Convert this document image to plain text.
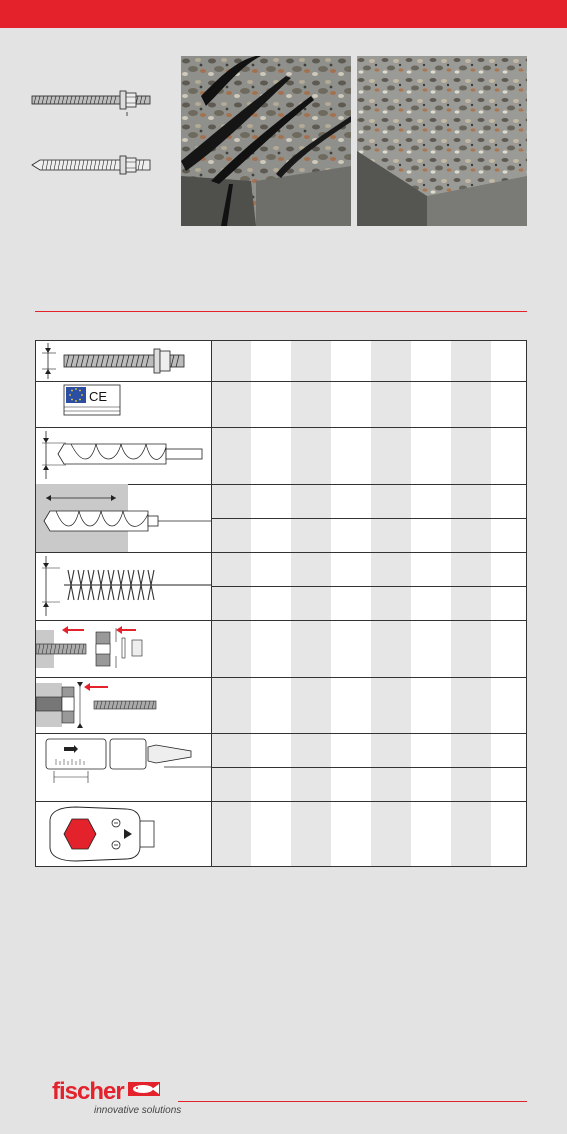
CE
fischer
innovative solutions
